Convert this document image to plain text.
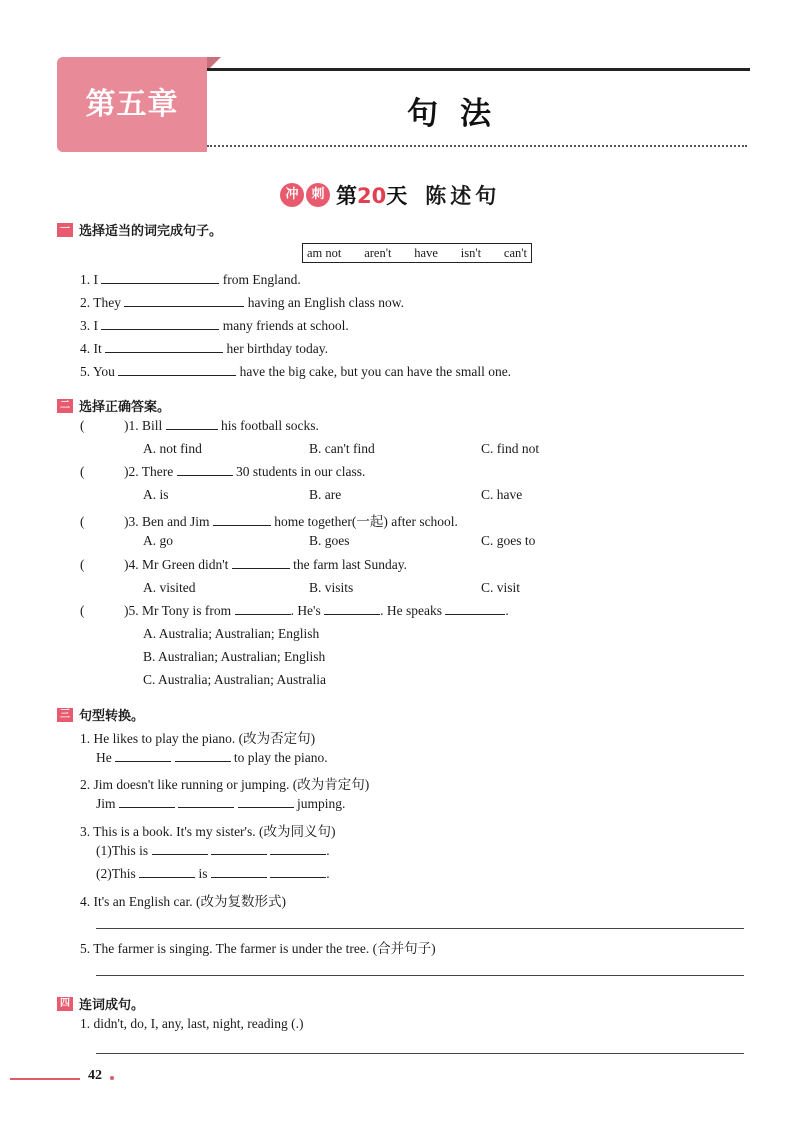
第五章	句法
冲 刺 第20天 陈述句
一 选择适当的词完成句子。
am not aren't have isn't can't
1. I	from England.
2. They	having an English class now.
3. I	many friends at school.
4. It	her birthday today.
5. You	have the big cake, but you can have the small one.
二 选择正确答案。
(	)1. Bill	his football socks.
A. not find	B. can't find	C. find not
(	)2. There	30 students in our class.
A. is	B. are	C. have
(	)3. Ben and Jim	home together(一起) after school.
A. go	B. goes	C. goes to
(	)4. Mr Green didn't	the farm last Sunday.
A. visited	B. visits	C. visit
(	)5. Mr Tony is from	. He's	. He speaks	.
A. Australia; Australian; English
B. Australian; Australian; English
C. Australia; Australian; Australia
三 句型转换。
1. He likes to play the piano. (改为否定句)
He	to play the piano.
2. Jim doesn't like running or jumping. (改为肯定句)
Jim	jumping.
3. This is a book. It's my sister's. (改为同义句)
(1)This is	.
(2)This	is	.
4. It's an English car. (改为复数形式)
5. The farmer is singing. The farmer is under the tree. (合并句子)
四 连词成句。
1. didn't, do, I, any, last, night, reading (.)
42
